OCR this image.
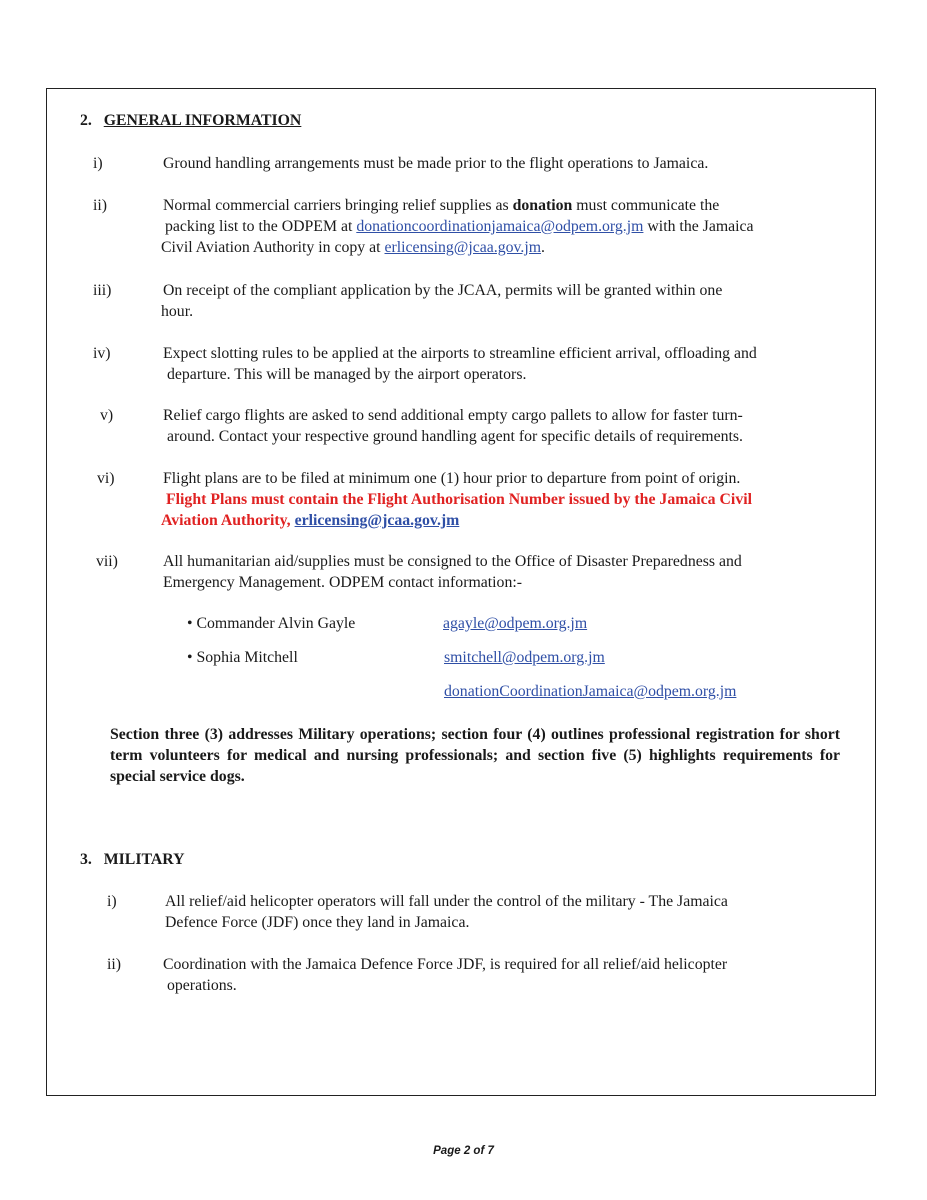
2. GENERAL INFORMATION
i)	Ground handling arrangements must be made prior to the flight operations to Jamaica.
ii)	Normal commercial carriers bringing relief supplies as donation must communicate the
packing list to the ODPEM at donationcoordinationjamaica@odpem.org.jm with the Jamaica
Civil Aviation Authority in copy at erlicensing@jcaa.gov.jm.
iii)	On receipt of the compliant application by the JCAA, permits will be granted within one
hour.
iv)	Expect slotting rules to be applied at the airports to streamline efficient arrival, offloading and
departure. This will be managed by the airport operators.
v)	Relief cargo flights are asked to send additional empty cargo pallets to allow for faster turn-
around. Contact your respective ground handling agent for specific details of requirements.
vi)	Flight plans are to be filed at minimum one (1) hour prior to departure from point of origin.
Flight Plans must contain the Flight Authorisation Number issued by the Jamaica Civil
Aviation Authority, erlicensing@jcaa.gov.jm
vii)	All humanitarian aid/supplies must be consigned to the Office of Disaster Preparedness and
Emergency Management. ODPEM contact information:-
• Commander Alvin Gayle	agayle@odpem.org.jm
• Sophia Mitchell	smitchell@odpem.org.jm
donationCoordinationJamaica@odpem.org.jm
Section three (3) addresses Military operations; section four (4) outlines professional registration for short term volunteers for medical and nursing professionals; and section five (5) highlights requirements for special service dogs.
3. MILITARY
i)	All relief/aid helicopter operators will fall under the control of the military - The Jamaica
Defence Force (JDF) once they land in Jamaica.
ii)	Coordination with the Jamaica Defence Force JDF, is required for all relief/aid helicopter
operations.
Page 2 of 7
